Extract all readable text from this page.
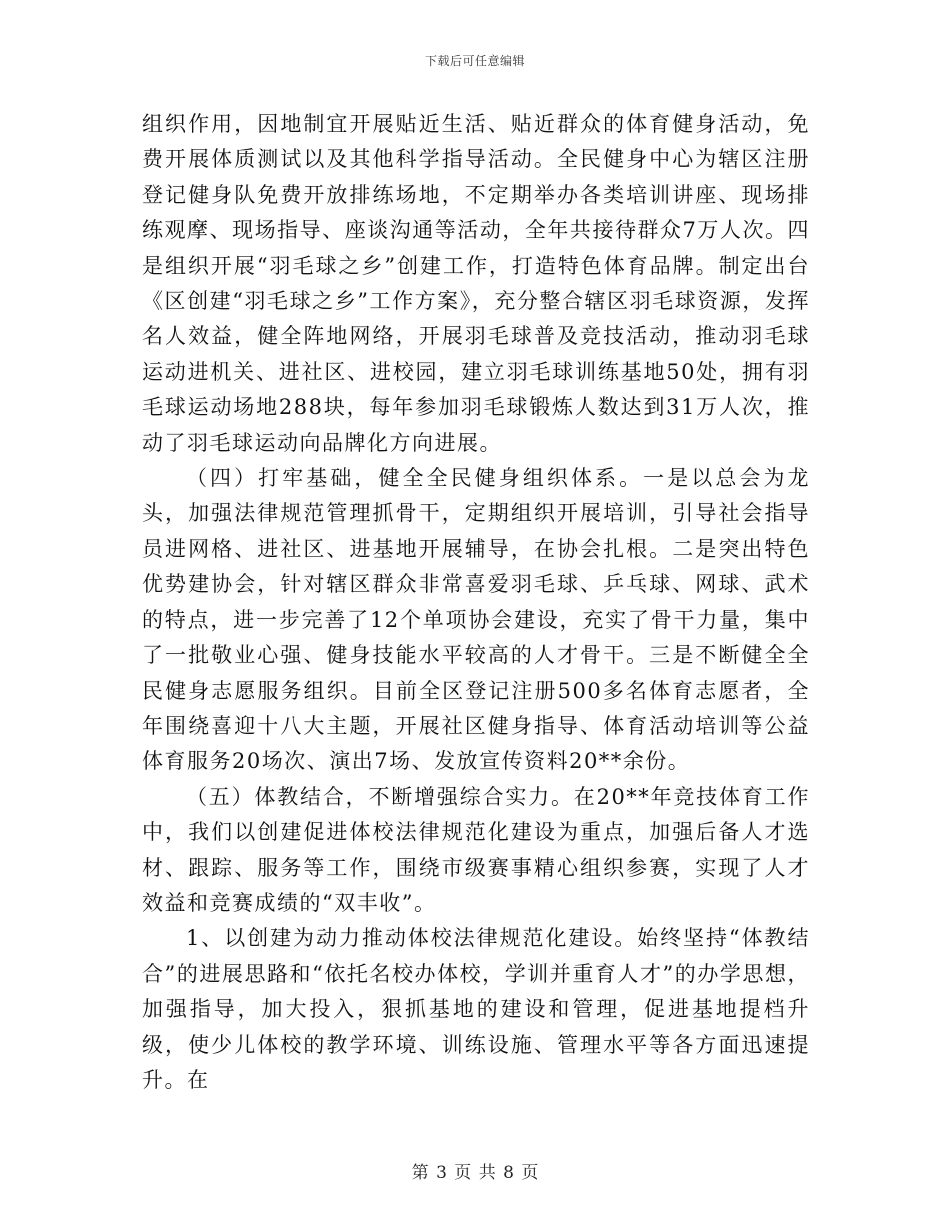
下载后可任意编辑

组织作用，因地制宜开展贴近生活、贴近群众的体育健身活动，免费开展体质测试以及其他科学指导活动。全民健身中心为辖区注册登记健身队免费开放排练场地，不定期举办各类培训讲座、现场排练观摩、现场指导、座谈沟通等活动，全年共接待群众7万人次。四是组织开展“羽毛球之乡”创建工作，打造特色体育品牌。制定出台《区创建“羽毛球之乡”工作方案》，充分整合辖区羽毛球资源，发挥名人效益，健全阵地网络，开展羽毛球普及竞技活动，推动羽毛球运动进机关、进社区、进校园，建立羽毛球训练基地50处，拥有羽毛球运动场地288块，每年参加羽毛球锻炼人数达到31万人次，推动了羽毛球运动向品牌化方向进展。

（四）打牢基础，健全全民健身组织体系。一是以总会为龙头，加强法律规范管理抓骨干，定期组织开展培训，引导社会指导员进网格、进社区、进基地开展辅导，在协会扎根。二是突出特色优势建协会，针对辖区群众非常喜爱羽毛球、乒乓球、网球、武术的特点，进一步完善了12个单项协会建设，充实了骨干力量，集中了一批敬业心强、健身技能水平较高的人才骨干。三是不断健全全民健身志愿服务组织。目前全区登记注册500多名体育志愿者，全年围绕喜迎十八大主题，开展社区健身指导、体育活动培训等公益体育服务20场次、演出7场、发放宣传资料20**余份。

（五）体教结合，不断增强综合实力。在20**年竞技体育工作中，我们以创建促进体校法律规范化建设为重点，加强后备人才选材、跟踪、服务等工作，围绕市级赛事精心组织参赛，实现了人才效益和竞赛成绩的“双丰收”。

1、以创建为动力推动体校法律规范化建设。始终坚持“体教结合”的进展思路和“依托名校办体校，学训并重育人才”的办学思想，加强指导，加大投入，狠抓基地的建设和管理，促进基地提档升级，使少儿体校的教学环境、训练设施、管理水平等各方面迅速提升。在

第 3 页 共 8 页
